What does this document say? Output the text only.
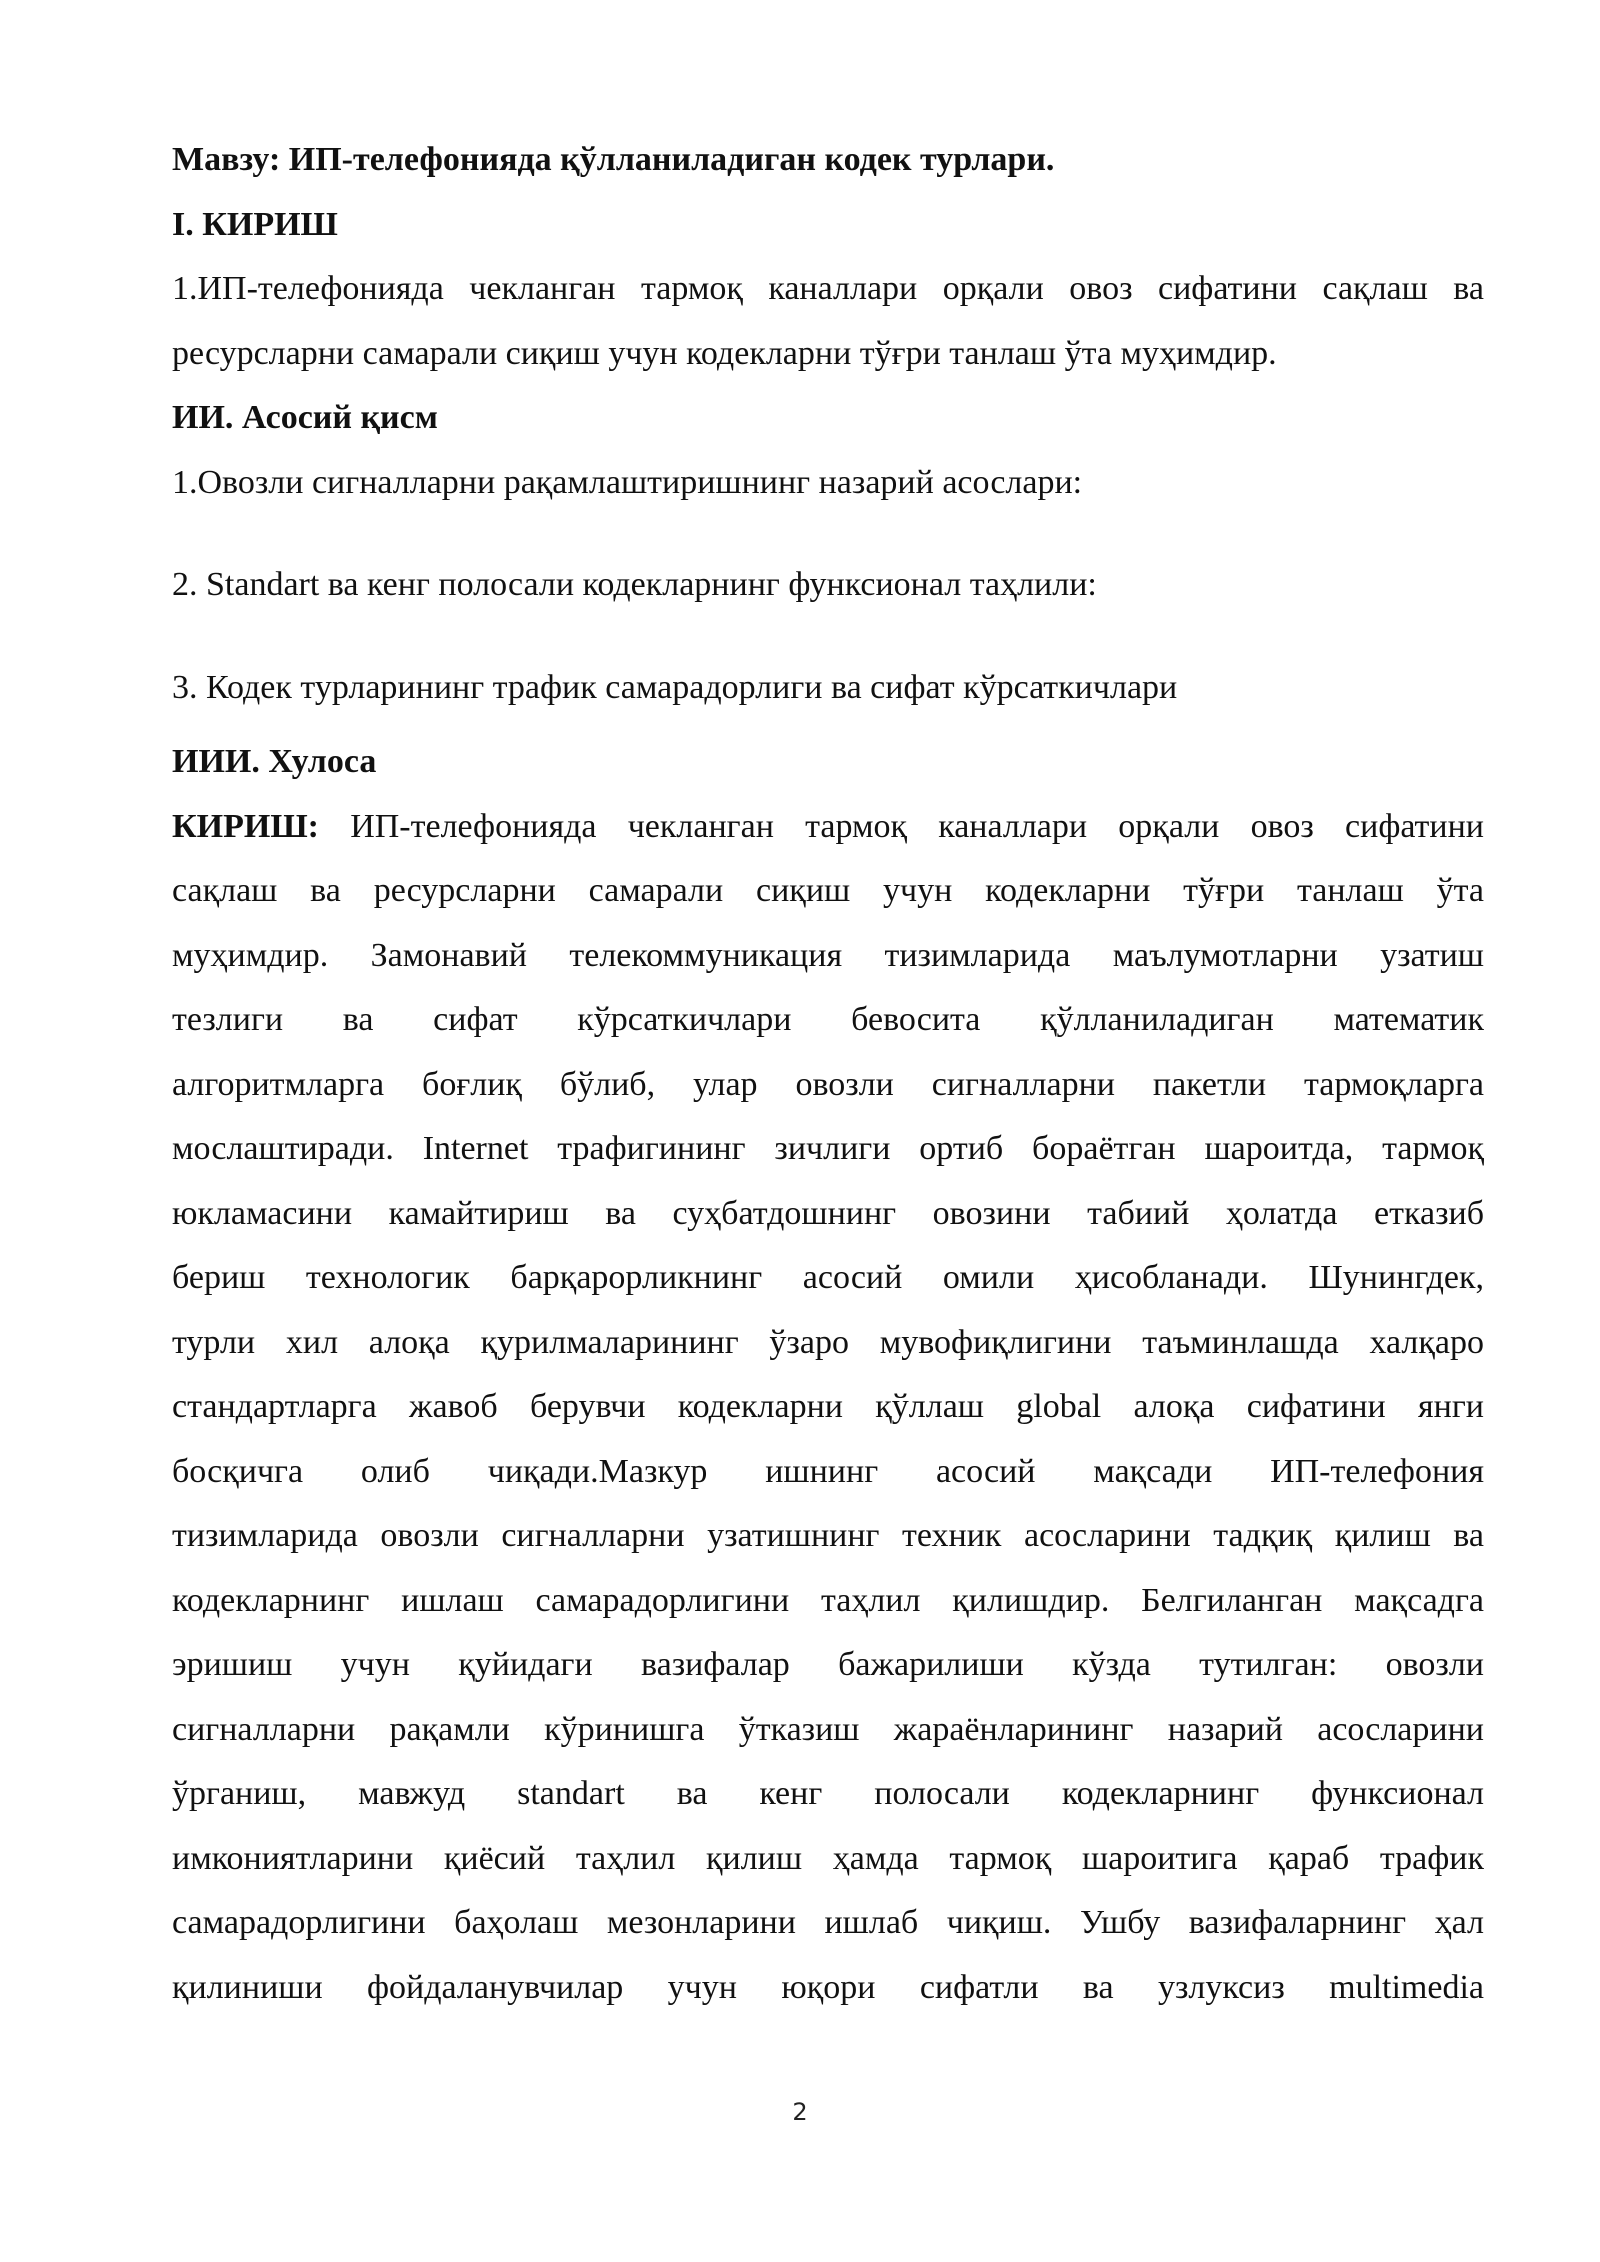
Мавзу: ИП-телефонияда қўлланиладиган кодек турлари.
I. КИРИШ
1.ИП-телефонияда чекланган тармоқ каналлари орқали овоз сифатини сақлаш ва
ресурсларни самарали сиқиш учун кодекларни тўғри танлаш ўта муҳимдир.
ИИ. Асосий қисм
1.Овозли сигналларни рақамлаштиришнинг назарий асослари:
2. Standart ва кенг полосали кодекларнинг функсионал таҳлили:
3. Кодек турларининг трафик самарадорлиги ва сифат кўрсаткичлари
ИИИ. Хулоса
КИРИШ: ИП-телефонияда чекланган тармоқ каналлари орқали овоз сифатини
сақлаш ва ресурсларни самарали сиқиш учун кодекларни тўғри танлаш ўта
муҳимдир. Замонавий телекоммуникация тизимларида маълумотларни узатиш
тезлиги ва сифат кўрсаткичлари бевосита қўлланиладиган математик
алгоритмларга боғлиқ бўлиб, улар овозли сигналларни пакетли тармоқларга
мослаштиради. Internet трафигининг зичлиги ортиб бораётган шароитда, тармоқ
юкламасини камайтириш ва суҳбатдошнинг овозини табиий ҳолатда етказиб
бериш технологик барқарорликнинг асосий омили ҳисобланади. Шунингдек,
турли хил алоқа қурилмаларининг ўзаро мувофиқлигини таъминлашда халқаро
стандартларга жавоб берувчи кодекларни қўллаш global алоқа сифатини янги
босқичга олиб чиқади.Мазкур ишнинг асосий мақсади ИП-телефония
тизимларида овозли сигналларни узатишнинг техник асосларини тадқиқ қилиш ва
кодекларнинг ишлаш самарадорлигини таҳлил қилишдир. Белгиланган мақсадга
эришиш учун қуйидаги вазифалар бажарилиши кўзда тутилган: овозли
сигналларни рақамли кўринишга ўтказиш жараёнларининг назарий асосларини
ўрганиш, мавжуд standart ва кенг полосали кодекларнинг функсионал
имкониятларини қиёсий таҳлил қилиш ҳамда тармоқ шароитига қараб трафик
самарадорлигини баҳолаш мезонларини ишлаб чиқиш. Ушбу вазифаларнинг ҳал
қилиниши фойдаланувчилар учун юқори сифатли ва узлуксиз multimedia
2
